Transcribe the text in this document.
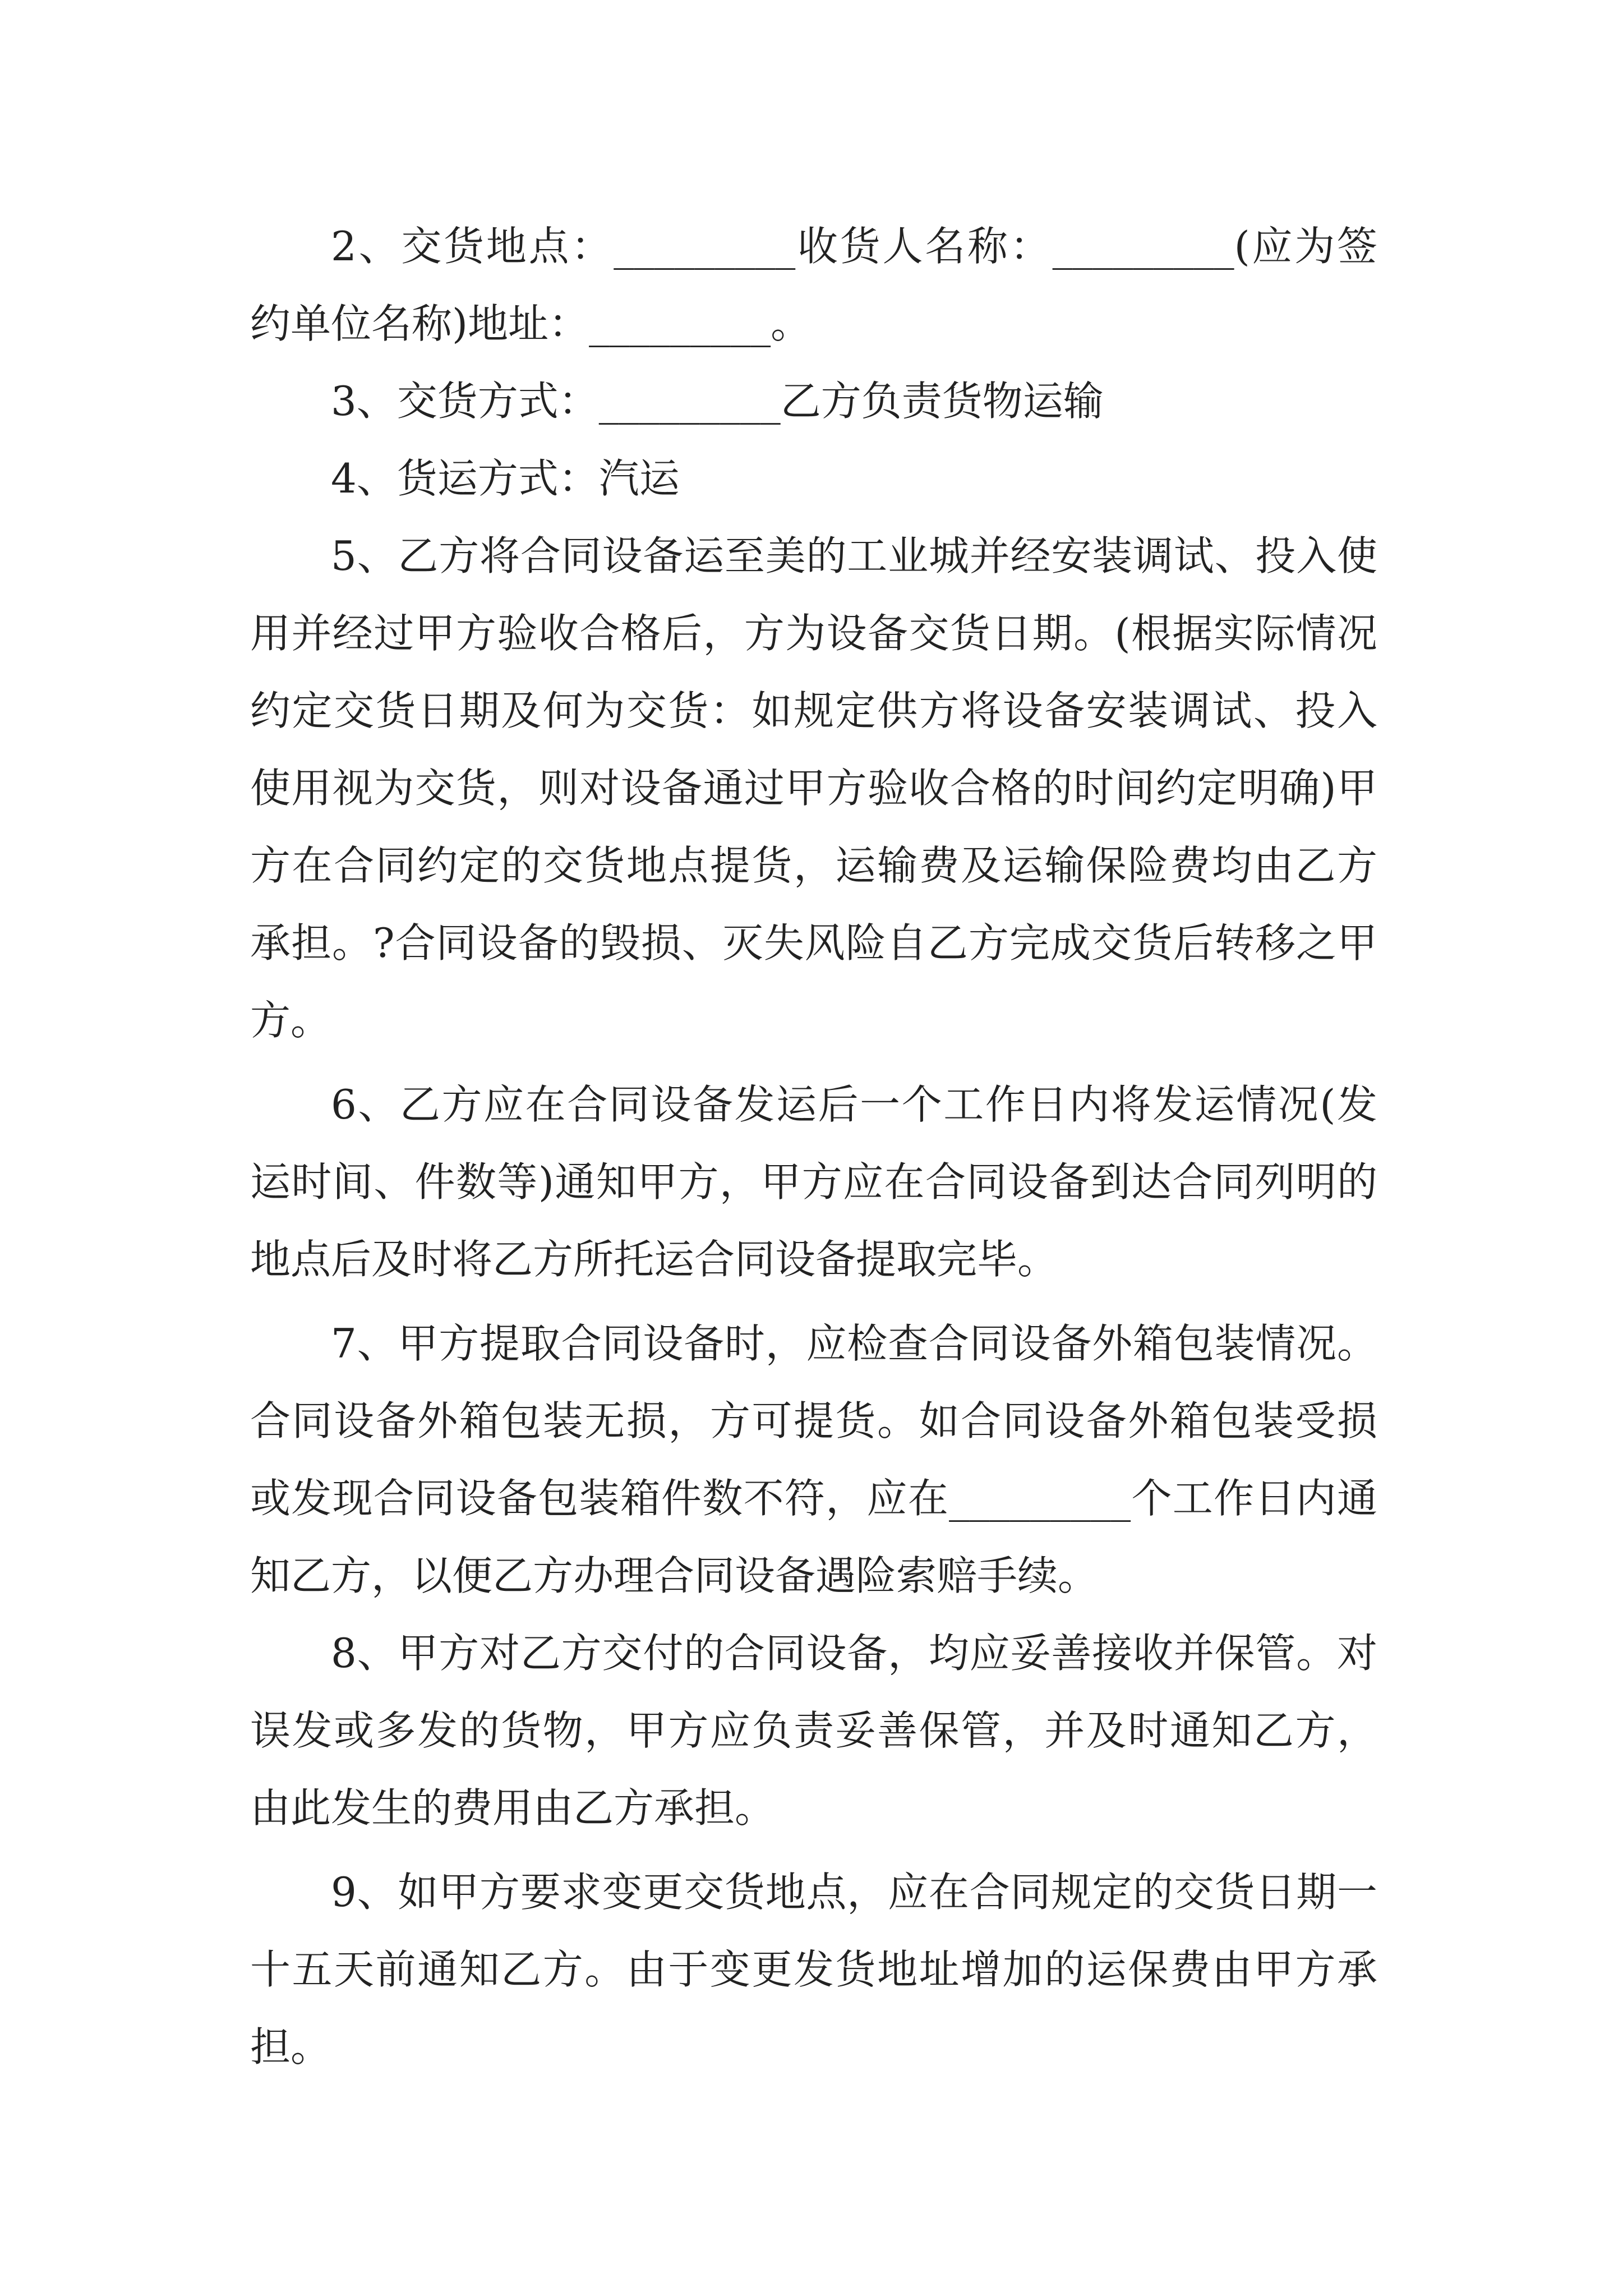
2、交货地点：_________收货人名称：_________(应为签约单位名称)地址：_________。

3、交货方式：_________乙方负责货物运输

4、货运方式：汽运

5、乙方将合同设备运至美的工业城并经安装调试、投入使用并经过甲方验收合格后，方为设备交货日期。(根据实际情况约定交货日期及何为交货：如规定供方将设备安装调试、投入使用视为交货，则对设备通过甲方验收合格的时间约定明确)甲方在合同约定的交货地点提货，运输费及运输保险费均由乙方承担。?合同设备的毁损、灭失风险自乙方完成交货后转移之甲方。

6、乙方应在合同设备发运后一个工作日内将发运情况(发运时间、件数等)通知甲方，甲方应在合同设备到达合同列明的地点后及时将乙方所托运合同设备提取完毕。

7、甲方提取合同设备时，应检查合同设备外箱包装情况。合同设备外箱包装无损，方可提货。如合同设备外箱包装受损或发现合同设备包装箱件数不符，应在_________个工作日内通知乙方，以便乙方办理合同设备遇险索赔手续。

8、甲方对乙方交付的合同设备，均应妥善接收并保管。对误发或多发的货物，甲方应负责妥善保管，并及时通知乙方，由此发生的费用由乙方承担。

9、如甲方要求变更交货地点，应在合同规定的交货日期一十五天前通知乙方。由于变更发货地址增加的运保费由甲方承担。
